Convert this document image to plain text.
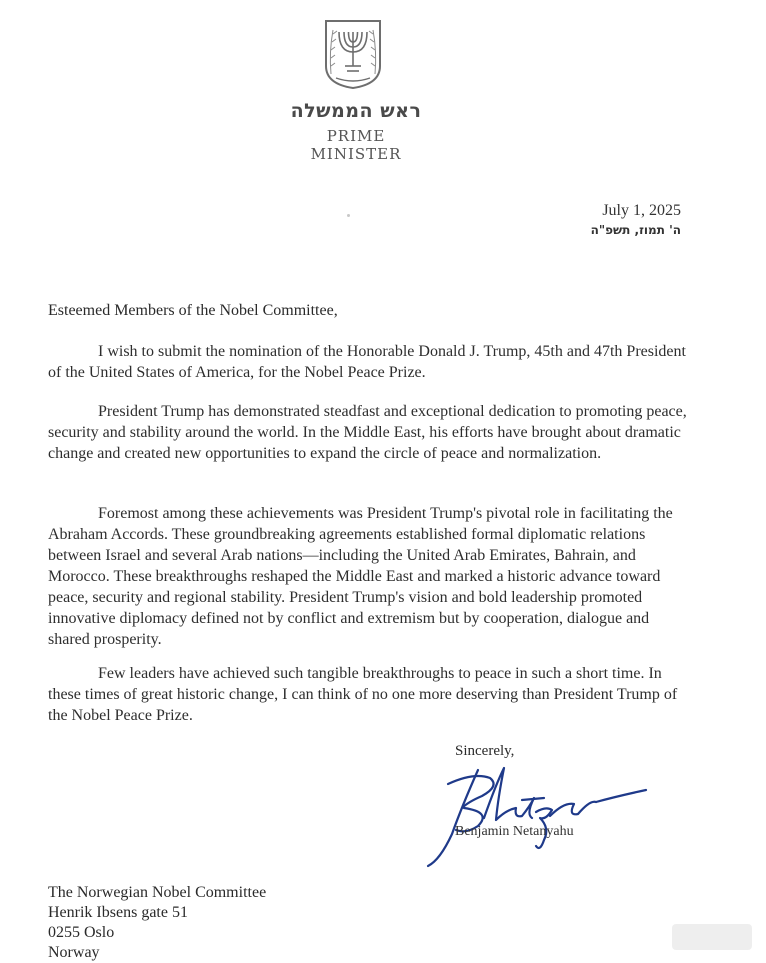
ראש הממשלה
PRIME MINISTER
July 1, 2025
ה' תמוז, תשפ"ה
Esteemed Members of the Nobel Committee,
I wish to submit the nomination of the Honorable Donald J. Trump, 45th and 47th President of the United States of America, for the Nobel Peace Prize.
President Trump has demonstrated steadfast and exceptional dedication to promoting peace, security and stability around the world. In the Middle East, his efforts have brought about dramatic change and created new opportunities to expand the circle of peace and normalization.
Foremost among these achievements was President Trump's pivotal role in facilitating the Abraham Accords. These groundbreaking agreements established formal diplomatic relations between Israel and several Arab nations—including the United Arab Emirates, Bahrain, and Morocco. These breakthroughs reshaped the Middle East and marked a historic advance toward peace, security and regional stability. President Trump's vision and bold leadership promoted innovative diplomacy defined not by conflict and extremism but by cooperation, dialogue and shared prosperity.
Few leaders have achieved such tangible breakthroughs to peace in such a short time. In these times of great historic change, I can think of no one more deserving than President Trump of the Nobel Peace Prize.
Sincerely,
Benjamin Netanyahu
The Norwegian Nobel Committee
Henrik Ibsens gate 51
0255 Oslo
Norway
